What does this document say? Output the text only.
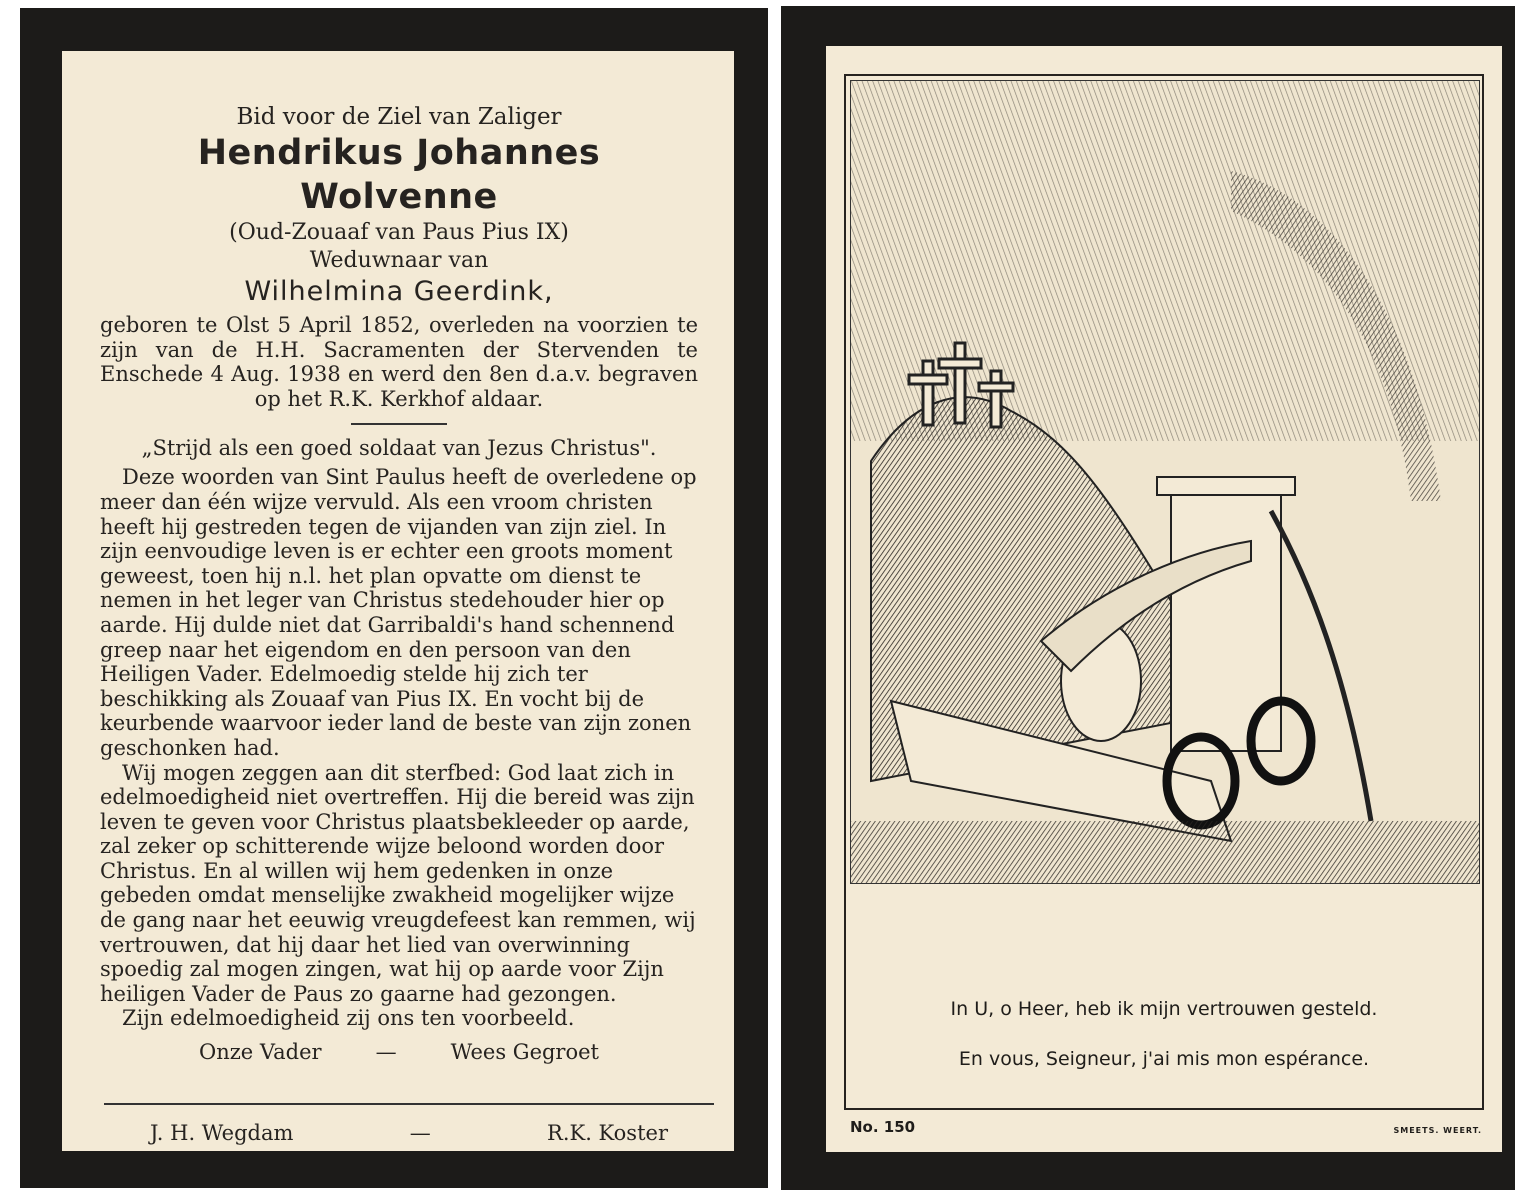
Bid voor de Ziel van Zaliger

Hendrikus Johannes Wolvenne

(Oud-Zouaaf van Paus Pius IX)

Weduwnaar van

Wilhelmina Geerdink,

geboren te Olst 5 April 1852, overleden na voorzien te zijn van de H.H. Sacramenten der Stervenden te Enschede 4 Aug. 1938 en werd den 8en d.a.v. begraven op het R.K. Kerkhof aldaar.

„Strijd als een goed soldaat van Jezus Christus".

Deze woorden van Sint Paulus heeft de overledene op meer dan één wijze vervuld. Als een vroom christen heeft hij gestreden tegen de vijanden van zijn ziel. In zijn eenvoudige leven is er echter een groots moment geweest, toen hij n.l. het plan opvatte om dienst te nemen in het leger van Christus stedehouder hier op aarde. Hij dulde niet dat Garribaldi's hand schennend greep naar het eigendom en den persoon van den Heiligen Vader. Edelmoedig stelde hij zich ter beschikking als Zouaaf van Pius IX. En vocht bij de keurbende waarvoor ieder land de beste van zijn zonen geschonken had.

Wij mogen zeggen aan dit sterfbed: God laat zich in edelmoedigheid niet overtreffen. Hij die bereid was zijn leven te geven voor Christus plaatsbekleeder op aarde, zal zeker op schitterende wijze beloond worden door Christus. En al willen wij hem gedenken in onze gebeden omdat menselijke zwakheid mogelijker wijze de gang naar het eeuwig vreugdefeest kan remmen, wij vertrouwen, dat hij daar het lied van overwinning spoedig zal mogen zingen, wat hij op aarde voor Zijn heiligen Vader de Paus zo gaarne had gezongen.

Zijn edelmoedigheid zij ons ten voorbeeld.

Onze Vader	—	Wees Gegroet
J. H. Wegdam	—	R.K. Koster
In U, o Heer, heb ik mijn vertrouwen gesteld.
En vous, Seigneur, j'ai mis mon espérance.
No. 150	SMEETS. WEERT.
